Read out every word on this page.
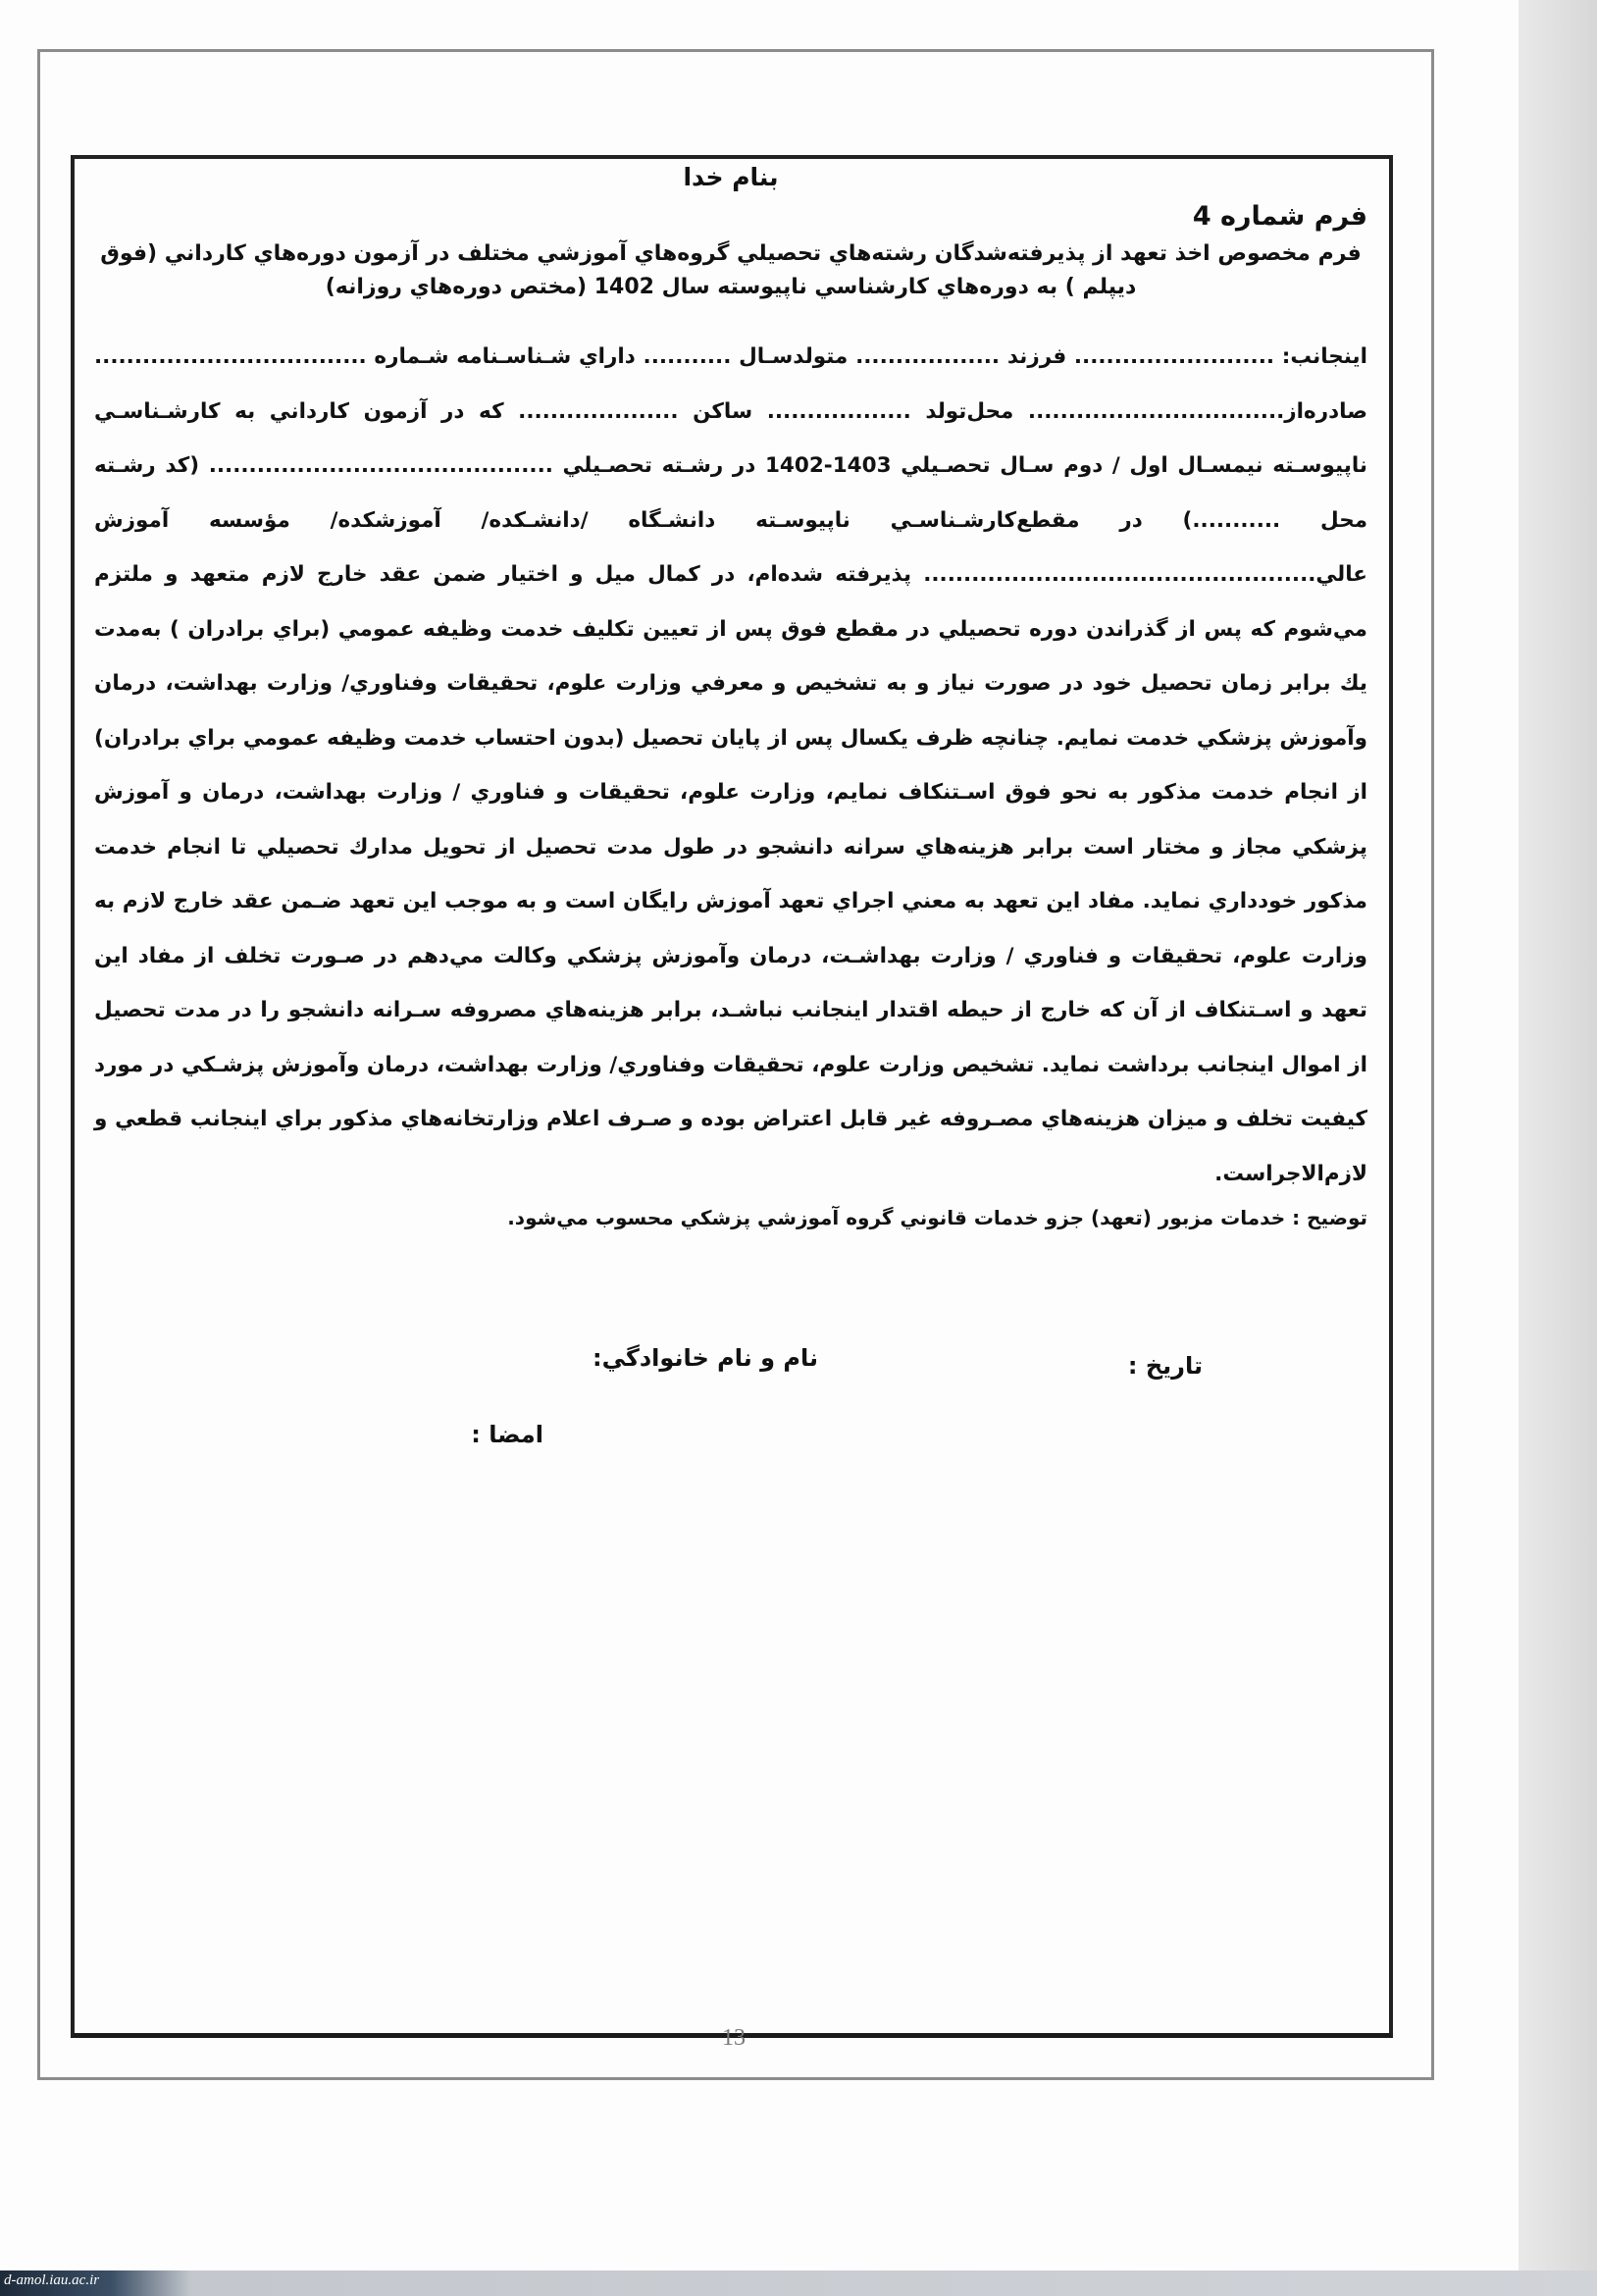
بنام خدا
فرم شماره 4
فرم مخصوص اخذ تعهد از پذيرفته‌شدگان رشته‌هاي تحصيلي گروه‌هاي آموزشي مختلف در آزمون دوره‌هاي كارداني (فوق ديپلم ) به دوره‌هاي كارشناسي ناپيوسته سال 1402 (مختص دوره‌هاي روزانه)

اينجانب: ......................... فرزند .................. متولدسـال ........... داراي شـناسـنامه شـماره .................................. صادره‌از................................ محل‌تولد .................. ساكن .................... كه در آزمون كارداني به كارشـناسـي ناپيوسـته نيمسـال اول / دوم سـال تحصـيلي 1403-1402 در رشـته تحصـيلي ........................................... (كد رشـته محل ...........) در مقطع‌كارشـناسـي ناپيوسـته دانشـگاه /دانشـكده/ آموزشكده/ مؤسسه آموزش عالي................................................. پذيرفته شده‌ام، در كمال ميل و اختيار ضمن عقد خارج لازم متعهد و ملتزم مي‌شوم كه پس از گذراندن دوره تحصيلي در مقطع فوق پس از تعيين تكليف خدمت وظيفه عمومي (براي برادران ) به‌مدت يك برابر زمان تحصيل خود در صورت نياز و به تشخيص و معرفي وزارت علوم، تحقيقات وفناوري/ وزارت بهداشت، درمان وآموزش پزشكي خدمت نمايم. چنانچه ظرف يكسال پس از پايان تحصيل (بدون احتساب خدمت وظيفه عمومي براي برادران) از انجام خدمت مذكور به نحو فوق اسـتنكاف نمايم، وزارت علوم، تحقيقات و فناوري / وزارت بهداشت، درمان و آموزش پزشكي مجاز و مختار است برابر هزينه‌هاي سرانه دانشجو در طول مدت تحصيل از تحويل مدارك تحصيلي تا انجام خدمت مذكور خودداري نمايد. مفاد اين تعهد به معني اجراي تعهد آموزش رايگان است و به موجب اين تعهد ضـمن عقد خارج لازم به وزارت علوم، تحقيقات و فناوري / وزارت بهداشـت، درمان وآموزش پزشكي وكالت مي‌دهم در صـورت تخلف از مفاد اين تعهد و اسـتنكاف از آن كه خارج از حيطه اقتدار اينجانب نباشـد، برابر هزينه‌هاي مصروفه سـرانه دانشجو را در مدت تحصيل از اموال اينجانب برداشت نمايد. تشخيص وزارت علوم، تحقيقات وفناوري/ وزارت بهداشت، درمان وآموزش پزشـكي در مورد كيفيت تخلف و ميزان هزينه‌هاي مصـروفه غير قابل اعتراض بوده و صـرف اعلام وزارتخانه‌هاي مذكور براي اينجانب قطعي و لازم‌الاجراست.

توضيح : خدمات مزبور (تعهد) جزو خدمات قانوني گروه آموزشي پزشكي محسوب مي‌شود.

تاريخ :
نام و نام خانوادگي:
امضا :
13
d-amol.iau.ac.ir
